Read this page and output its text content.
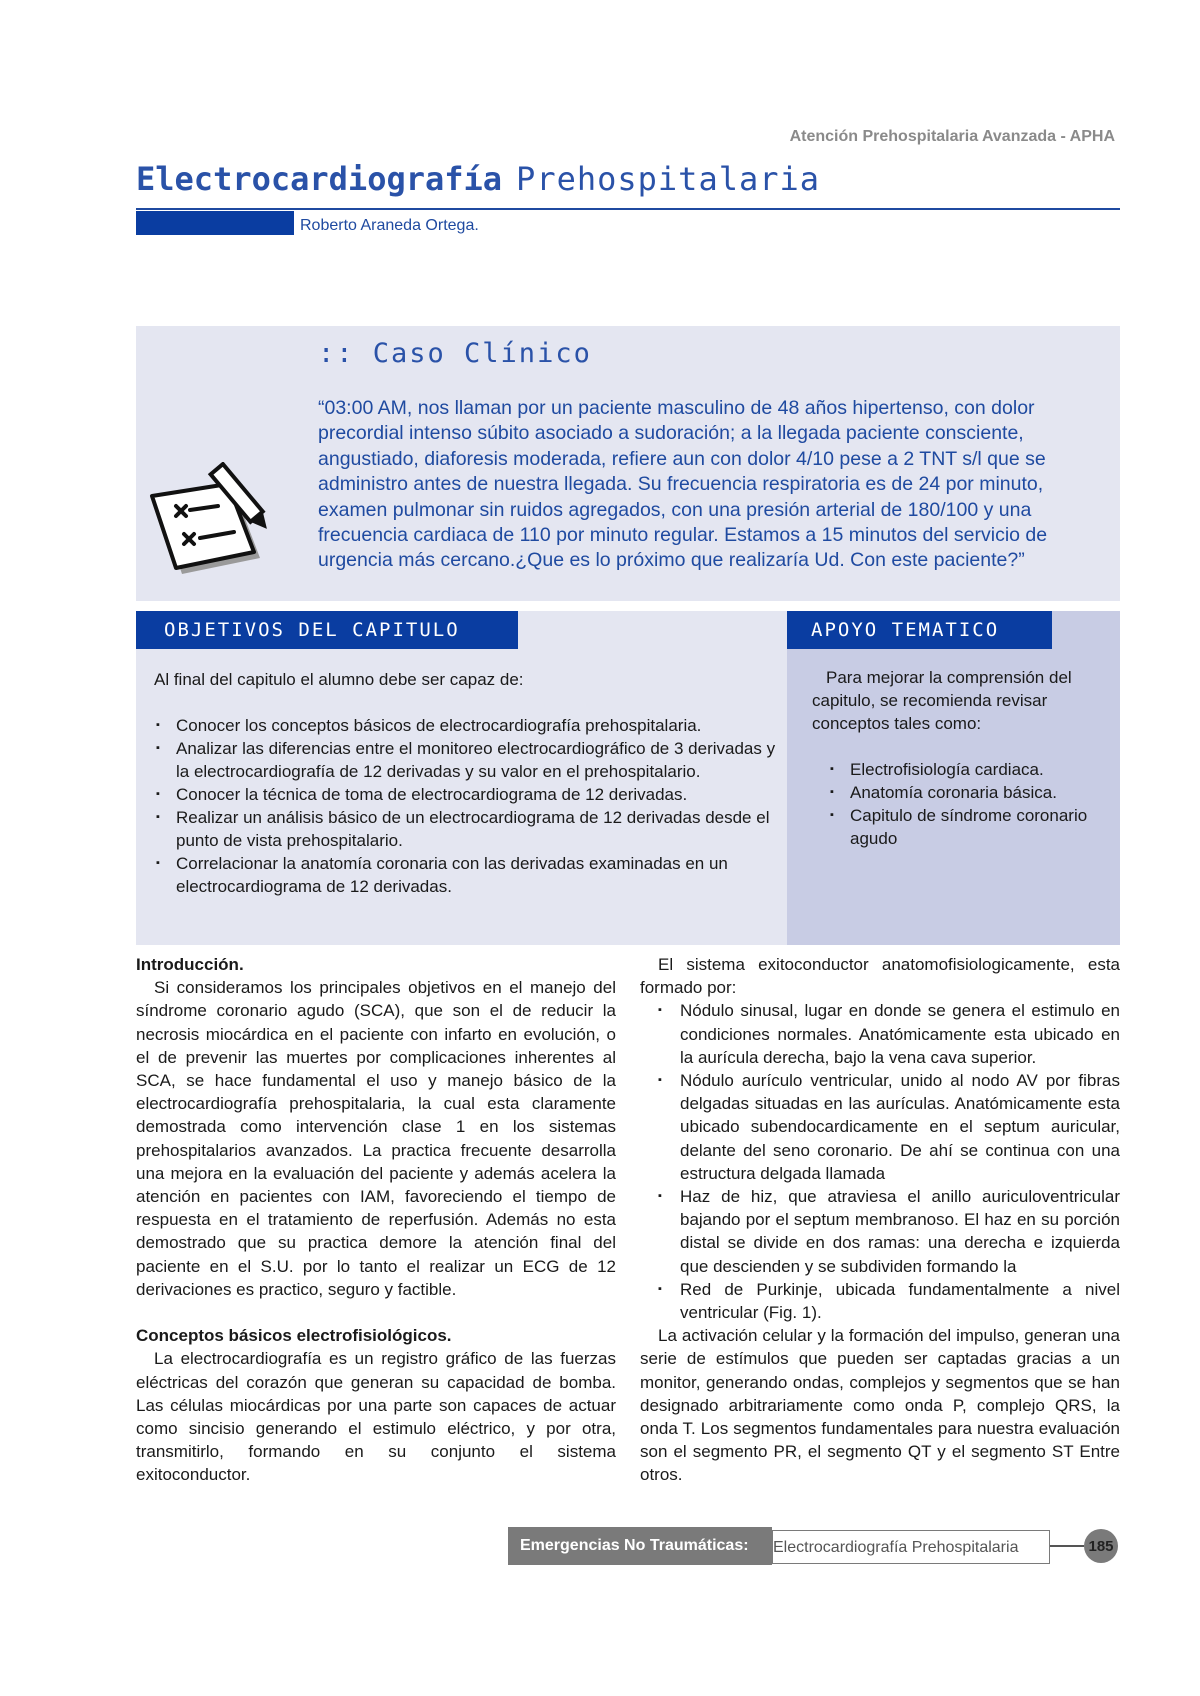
Atención Prehospitalaria Avanzada - APHA
Electrocardiografía Prehospitalaria
Roberto Araneda Ortega.
:: Caso Clínico
“03:00 AM, nos llaman por un paciente masculino de 48 años hipertenso, con dolor precordial intenso súbito asociado a sudoración; a la llegada paciente consciente, angustiado, diaforesis moderada, refiere aun con dolor 4/10 pese a 2 TNT s/l que se administro antes de nuestra llegada. Su frecuencia respiratoria es de 24 por minuto, examen pulmonar sin ruidos agregados, con una presión arterial de 180/100 y una frecuencia cardiaca de 110 por minuto regular. Estamos a 15 minutos del servicio de urgencia más cercano.¿Que es lo próximo que realizaría Ud. Con este paciente?”
OBJETIVOS DEL CAPITULO	APOYO TEMATICO
Al final del capitulo el alumno debe ser capaz de:
▪ Conocer los conceptos básicos de electrocardiografía prehospitalaria.
▪ Analizar las diferencias entre el monitoreo electrocardiográfico de 3 derivadas y la electrocardiografía de 12 derivadas y su valor en el prehospitalario.
▪ Conocer la técnica de toma de electrocardiograma de 12 derivadas.
▪ Realizar un análisis básico de un electrocardiograma de 12 derivadas desde el punto de vista prehospitalario.
▪ Correlacionar la anatomía coronaria con las derivadas examinadas en un electrocardiograma de 12 derivadas.
Para mejorar la comprensión del capitulo, se recomienda revisar conceptos tales como:
▪ Electrofisiología cardiaca.
▪ Anatomía coronaria básica.
▪ Capitulo de síndrome coronario agudo
Introducción.
Si consideramos los principales objetivos en el manejo del síndrome coronario agudo (SCA), que son el de reducir la necrosis miocárdica en el paciente con infarto en evolución, o el de prevenir las muertes por complicaciones inherentes al SCA, se hace fundamental el uso y manejo básico de la electrocardiografía prehospitalaria, la cual esta claramente demostrada como intervención clase 1 en los sistemas prehospitalarios avanzados. La practica frecuente desarrolla una mejora en la evaluación del paciente y además acelera la atención en pacientes con IAM, favoreciendo el tiempo de respuesta en el tratamiento de reperfusión. Además no esta demostrado que su practica demore la atención final del paciente en el S.U. por lo tanto el realizar un ECG de 12 derivaciones es practico, seguro y factible.
Conceptos básicos electrofisiológicos.
La electrocardiografía es un registro gráfico de las fuerzas eléctricas del corazón que generan su capacidad de bomba. Las células miocárdicas por una parte son capaces de actuar como sincisio generando el estimulo eléctrico, y por otra, transmitirlo, formando en su conjunto el sistema exitoconductor.
El sistema exitoconductor anatomofisiologicamente, esta formado por:
▪ Nódulo sinusal, lugar en donde se genera el estimulo en condiciones normales. Anatómicamente esta ubicado en la aurícula derecha, bajo la vena cava superior.
▪ Nódulo aurículo ventricular, unido al nodo AV por fibras delgadas situadas en las aurículas. Anatómicamente esta ubicado subendocardicamente en el septum auricular, delante del seno coronario. De ahí se continua con una estructura delgada llamada
▪ Haz de hiz, que atraviesa el anillo auriculoventricular bajando por el septum membranoso. El haz en su porción distal se divide en dos ramas: una derecha e izquierda que descienden y se subdividen formando la
▪ Red de Purkinje, ubicada fundamentalmente a nivel ventricular (Fig. 1).
La activación celular y la formación del impulso, generan una serie de estímulos que pueden ser captadas gracias a un monitor, generando ondas, complejos y segmentos que se han designado arbitrariamente como onda P, complejo QRS, la onda T. Los segmentos fundamentales para nuestra evaluación son el segmento PR, el segmento QT y el segmento ST Entre otros.
Emergencias No Traumáticas:	Electrocardiografía Prehospitalaria	185
